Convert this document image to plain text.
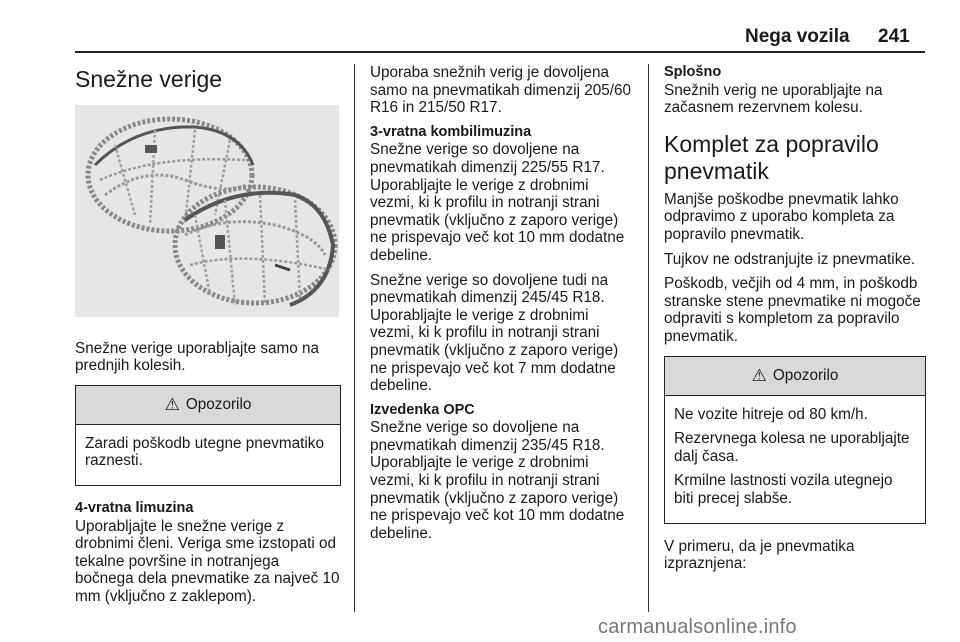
Nega vozila 241
Snežne verige

Snežne verige uporabljajte samo na prednjih kolesih.

⚠ Opozorilo

Zaradi poškodb utegne pnevmatiko raznesti.

4-vratna limuzina

Uporabljajte le snežne verige z drobnimi členi. Veriga sme izstopati od tekalne površine in notranjega bočnega dela pnevmatike za največ 10 mm (vključno z zaklepom).

Uporaba snežnih verig je dovoljena samo na pnevmatikah dimenzij 205/60 R16 in 215/50 R17.

3-vratna kombilimuzina

Snežne verige so dovoljene na pnevmatikah dimenzij 225/55 R17. Uporabljajte le verige z drobnimi vezmi, ki k profilu in notranji strani pnevmatik (vključno z zaporo verige) ne prispevajo več kot 10 mm dodatne debeline.

Snežne verige so dovoljene tudi na pnevmatikah dimenzij 245/45 R18. Uporabljajte le verige z drobnimi vezmi, ki k profilu in notranji strani pnevmatik (vključno z zaporo verige) ne prispevajo več kot 7 mm dodatne debeline.

Izvedenka OPC

Snežne verige so dovoljene na pnevmatikah dimenzij 235/45 R18. Uporabljajte le verige z drobnimi vezmi, ki k profilu in notranji strani pnevmatik (vključno z zaporo verige) ne prispevajo več kot 10 mm dodatne debeline.

Splošno

Snežnih verig ne uporabljajte na začasnem rezervnem kolesu.

Komplet za popravilo pnevmatik

Manjše poškodbe pnevmatik lahko odpravimo z uporabo kompleta za popravilo pnevmatik.

Tujkov ne odstranjujte iz pnevmatike.

Poškodb, večjih od 4 mm, in poškodb stranske stene pnevmatike ni mogoče odpraviti s kompletom za popravilo pnevmatik.

⚠ Opozorilo

Ne vozite hitreje od 80 km/h.

Rezervnega kolesa ne uporabljajte dalj časa.

Krmilne lastnosti vozila utegnejo biti precej slabše.

V primeru, da je pnevmatika izpraznjena:

carmanualsonline.info
